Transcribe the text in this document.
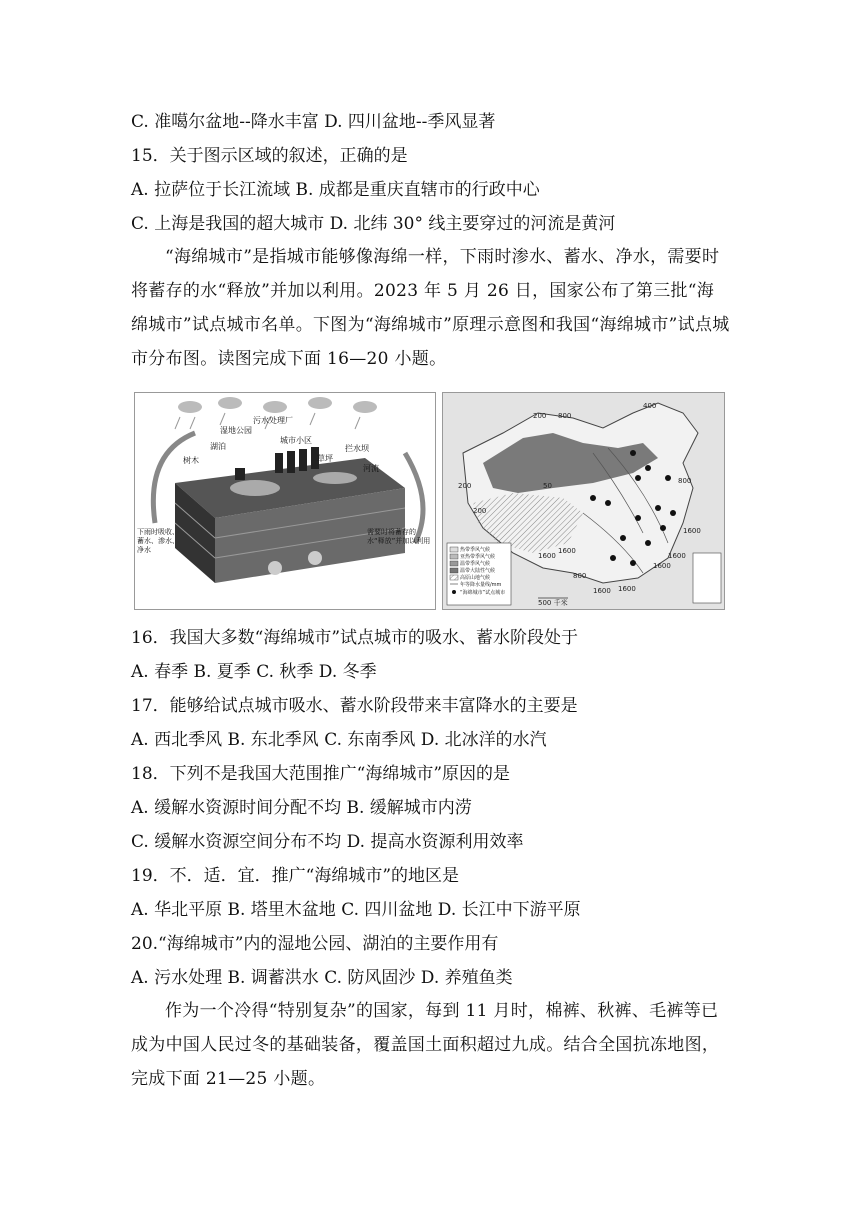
C. 准噶尔盆地--降水丰富 D. 四川盆地--季风显著
15．关于图示区域的叙述，正确的是
A. 拉萨位于长江流域 B. 成都是重庆直辖市的行政中心
C. 上海是我国的超大城市 D. 北纬 30° 线主要穿过的河流是黄河
“海绵城市”是指城市能够像海绵一样，下雨时渗水、蓄水、净水，需要时将蓄存的水“释放”并加以利用。2023 年 5 月 26 日，国家公布了第三批“海绵城市”试点城市名单。下图为“海绵城市”原理示意图和我国“海绵城市”试点城市分布图。读图完成下面 16—20 小题。
污水处理厂
湿地公园
城市小区
湖泊
树木	草坪
拦水坝
河流
下雨时吸收、蓄水、渗水、净水
需要时将蓄存的水“释放”并加以利用
200 800
400
200	50
800
200
1600
1600
1600
800
1600 1600
1600
1600
热带季风气候
亚热带季风气候
温带季风气候
温带大陆性气候
高原山地气候
年等降水量线/mm
“海绵城市”试点城市
500 千米
16．我国大多数“海绵城市”试点城市的吸水、蓄水阶段处于
A. 春季 B. 夏季 C. 秋季 D. 冬季
17．能够给试点城市吸水、蓄水阶段带来丰富降水的主要是
A. 西北季风 B. 东北季风 C. 东南季风 D. 北冰洋的水汽
18．下列不是我国大范围推广“海绵城市”原因的是
A. 缓解水资源时间分配不均 B. 缓解城市内涝
C. 缓解水资源空间分布不均 D. 提高水资源利用效率
19．不．适．宜．推广“海绵城市”的地区是
A. 华北平原 B. 塔里木盆地 C. 四川盆地 D. 长江中下游平原
20.“海绵城市”内的湿地公园、湖泊的主要作用有
A. 污水处理 B. 调蓄洪水 C. 防风固沙 D. 养殖鱼类
作为一个冷得“特别复杂”的国家，每到 11 月时，棉裤、秋裤、毛裤等已成为中国人民过冬的基础装备，覆盖国土面积超过九成。结合全国抗冻地图，完成下面 21—25 小题。
